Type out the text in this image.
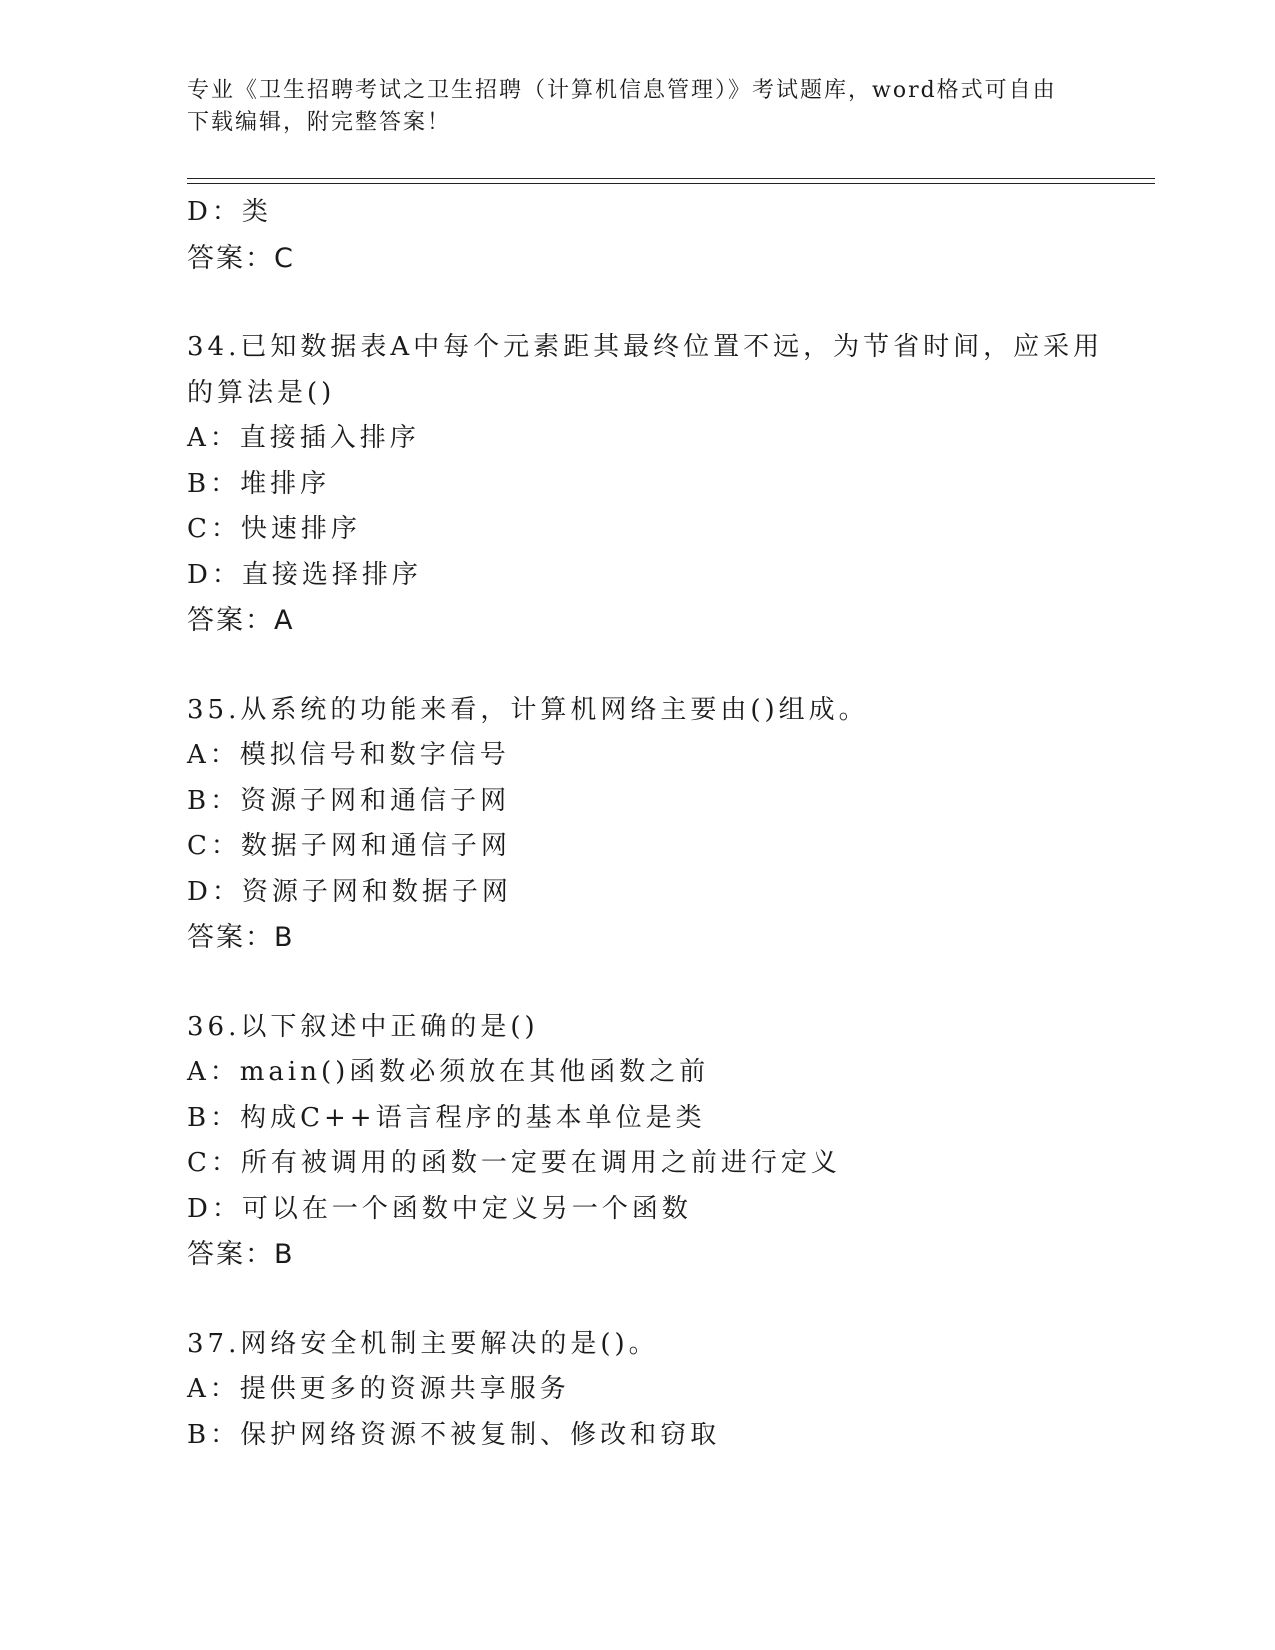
专业《卫生招聘考试之卫生招聘（计算机信息管理）》考试题库，word格式可自由下载编辑，附完整答案！
D：类
答案：C
34.已知数据表A中每个元素距其最终位置不远，为节省时间，应采用
的算法是()
A：直接插入排序
B：堆排序
C：快速排序
D：直接选择排序
答案：A
35.从系统的功能来看，计算机网络主要由()组成。
A：模拟信号和数字信号
B：资源子网和通信子网
C：数据子网和通信子网
D：资源子网和数据子网
答案：B
36.以下叙述中正确的是()
A：main()函数必须放在其他函数之前
B：构成C++语言程序的基本单位是类
C：所有被调用的函数一定要在调用之前进行定义
D：可以在一个函数中定义另一个函数
答案：B
37.网络安全机制主要解决的是()。
A：提供更多的资源共享服务
B：保护网络资源不被复制、修改和窃取
